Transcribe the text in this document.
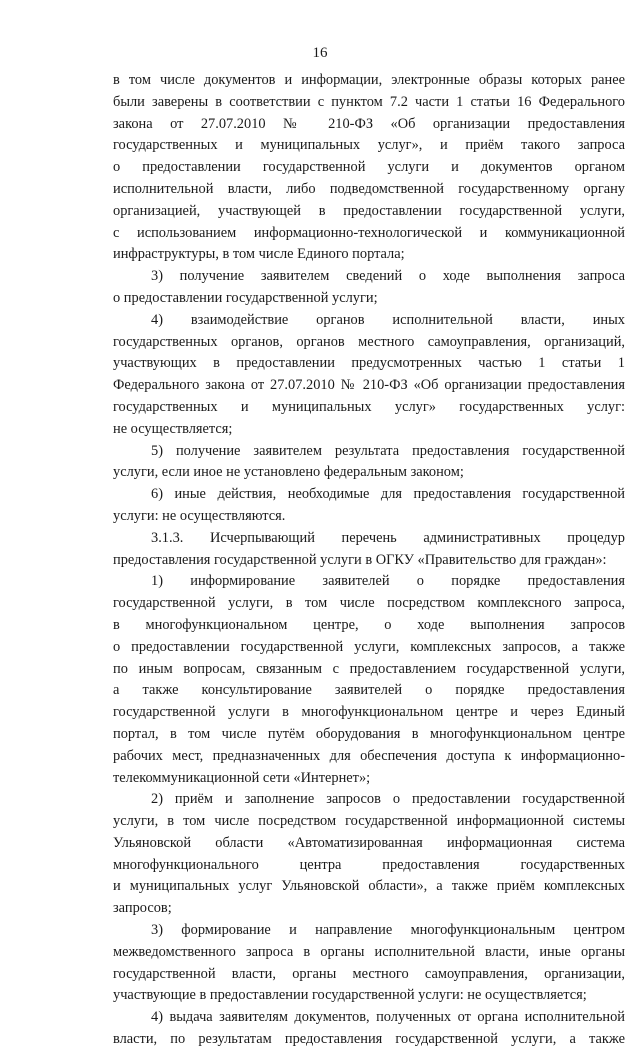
16
в том числе документов и информации, электронные образы которых ранее
были заверены в соответствии с пунктом 7.2 части 1 статьи 16 Федерального
закона от 27.07.2010 № 210-ФЗ «Об организации предоставления
государственных и муниципальных услуг», и приём такого запроса
о предоставлении государственной услуги и документов органом
исполнительной власти, либо подведомственной государственному органу
организацией, участвующей в предоставлении государственной услуги,
с использованием информационно-технологической и коммуникационной
инфраструктуры, в том числе Единого портала;
3) получение заявителем сведений о ходе выполнения запроса
о предоставлении государственной услуги;
4) взаимодействие органов исполнительной власти, иных
государственных органов, органов местного самоуправления, организаций,
участвующих в предоставлении предусмотренных частью 1 статьи 1
Федерального закона от 27.07.2010 № 210-ФЗ «Об организации предоставления
государственных и муниципальных услуг» государственных услуг:
не осуществляется;
5) получение заявителем результата предоставления государственной
услуги, если иное не установлено федеральным законом;
6) иные действия, необходимые для предоставления государственной
услуги: не осуществляются.
3.1.3. Исчерпывающий перечень административных процедур
предоставления государственной услуги в ОГКУ «Правительство для граждан»:
1) информирование заявителей о порядке предоставления
государственной услуги, в том числе посредством комплексного запроса,
в многофункциональном центре, о ходе выполнения запросов
о предоставлении государственной услуги, комплексных запросов, а также
по иным вопросам, связанным с предоставлением государственной услуги,
а также консультирование заявителей о порядке предоставления
государственной услуги в многофункциональном центре и через Единый
портал, в том числе путём оборудования в многофункциональном центре
рабочих мест, предназначенных для обеспечения доступа к информационно-
телекоммуникационной сети «Интернет»;
2) приём и заполнение запросов о предоставлении государственной
услуги, в том числе посредством государственной информационной системы
Ульяновской области «Автоматизированная информационная система
многофункционального центра предоставления государственных
и муниципальных услуг Ульяновской области», а также приём комплексных
запросов;
3) формирование и направление многофункциональным центром
межведомственного запроса в органы исполнительной власти, иные органы
государственной власти, органы местного самоуправления, организации,
участвующие в предоставлении государственной услуги: не осуществляется;
4) выдача заявителям документов, полученных от органа исполнительной
власти, по результатам предоставления государственной услуги, а также
